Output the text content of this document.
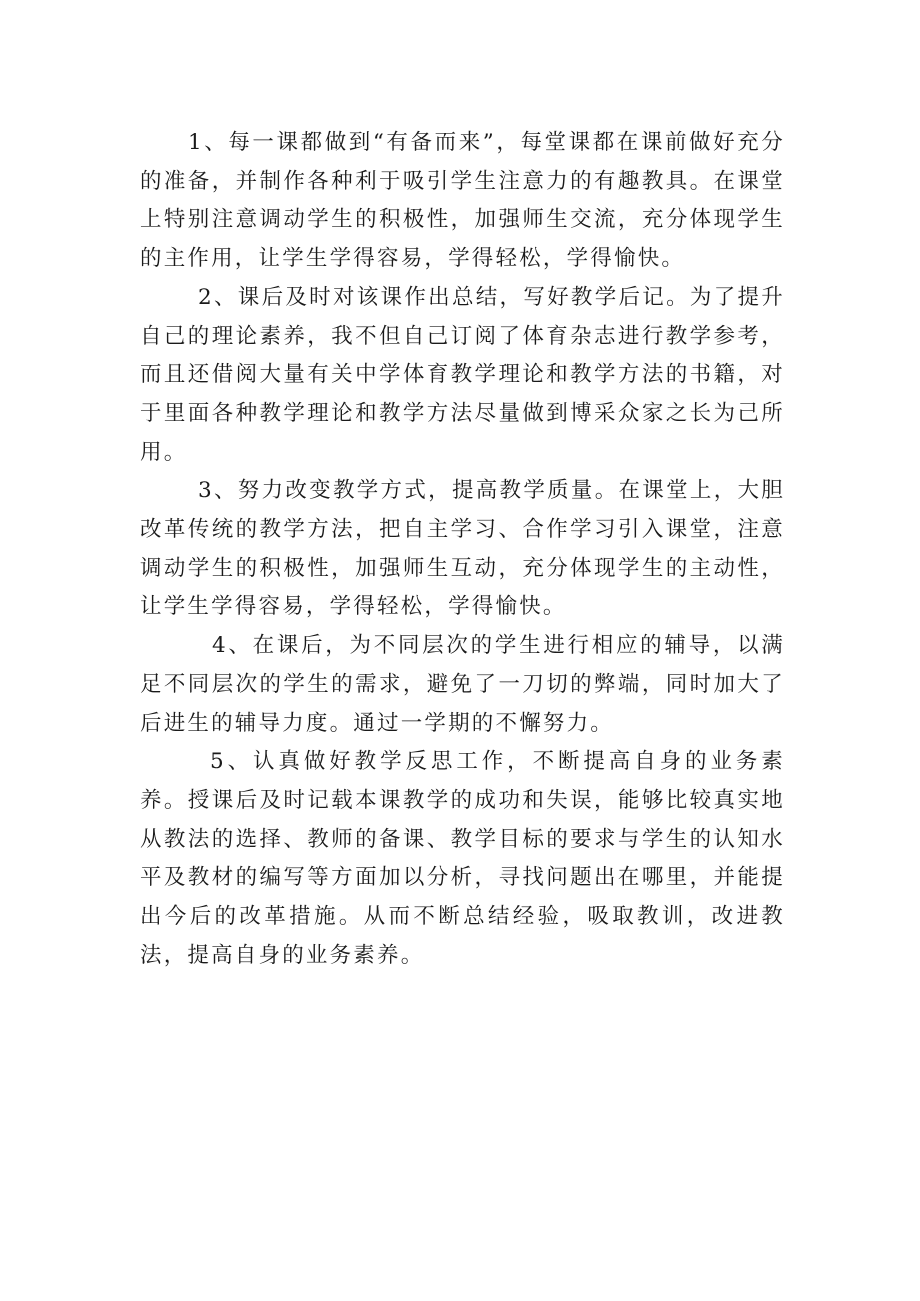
1、每一课都做到“有备而来”，每堂课都在课前做好充分的准备，并制作各种利于吸引学生注意力的有趣教具。在课堂上特别注意调动学生的积极性，加强师生交流，充分体现学生的主作用，让学生学得容易，学得轻松，学得愉快。

2、课后及时对该课作出总结，写好教学后记。为了提升自己的理论素养，我不但自己订阅了体育杂志进行教学参考，而且还借阅大量有关中学体育教学理论和教学方法的书籍，对于里面各种教学理论和教学方法尽量做到博采众家之长为己所用。

3、努力改变教学方式，提高教学质量。在课堂上，大胆改革传统的教学方法，把自主学习、合作学习引入课堂，注意调动学生的积极性，加强师生互动，充分体现学生的主动性，让学生学得容易，学得轻松，学得愉快。

4、在课后，为不同层次的学生进行相应的辅导，以满足不同层次的学生的需求，避免了一刀切的弊端，同时加大了后进生的辅导力度。通过一学期的不懈努力。

5、认真做好教学反思工作，不断提高自身的业务素养。授课后及时记载本课教学的成功和失误，能够比较真实地从教法的选择、教师的备课、教学目标的要求与学生的认知水平及教材的编写等方面加以分析，寻找问题出在哪里，并能提出今后的改革措施。从而不断总结经验，吸取教训，改进教法，提高自身的业务素养。
